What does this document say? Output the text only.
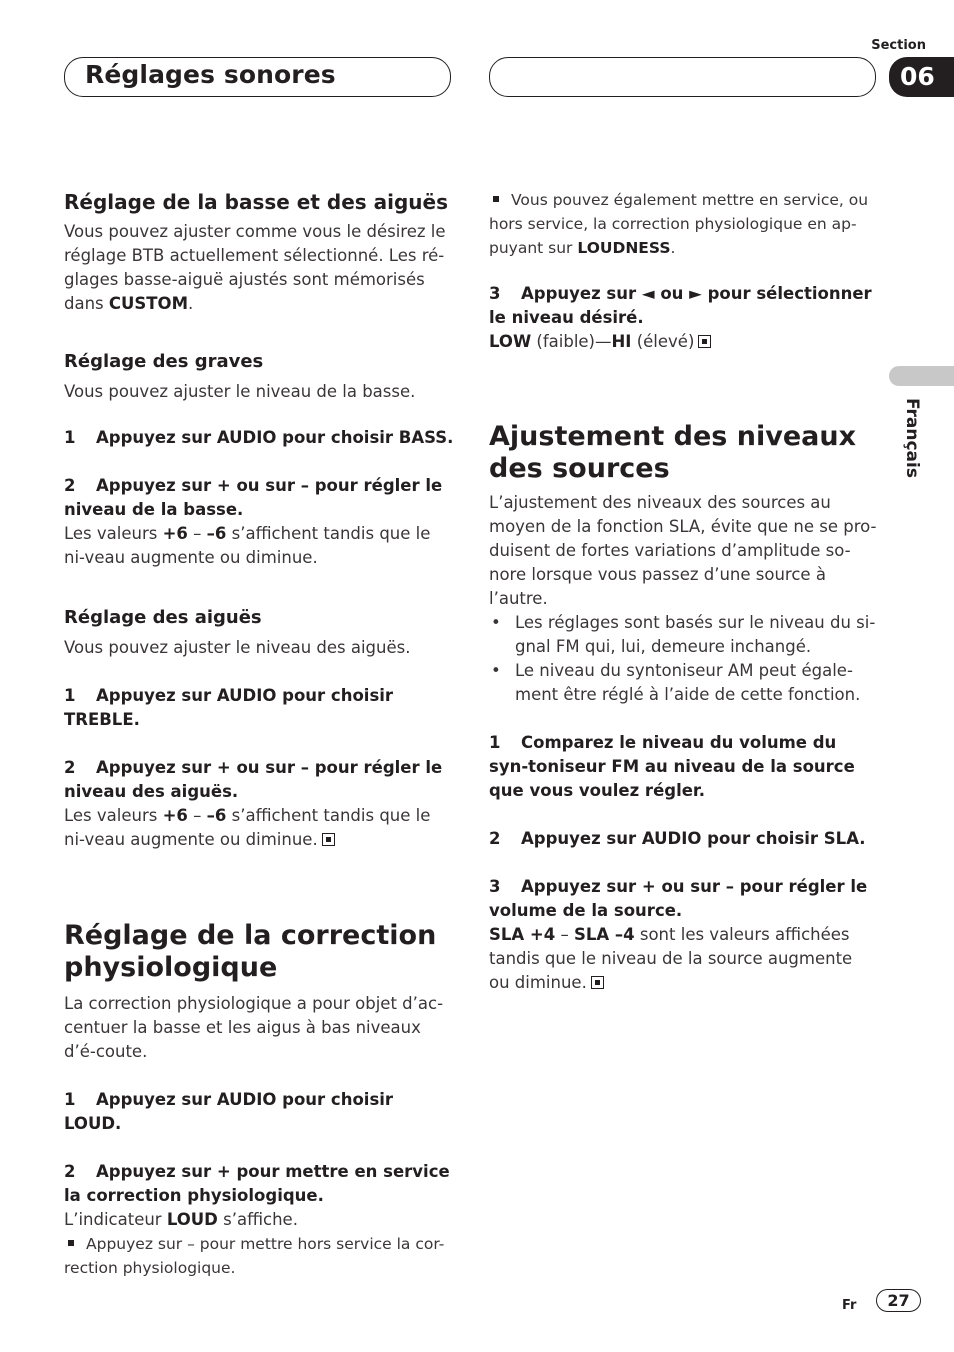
Réglages sonores
Section
06
Français

Réglage de la basse et des aiguës

Vous pouvez ajuster comme vous le désirez le réglage BTB actuellement sélectionné. Les ré-glages basse-aiguë ajustés sont mémorisés dans CUSTOM.

Réglage des graves

Vous pouvez ajuster le niveau de la basse.

1 Appuyez sur AUDIO pour choisir BASS.

2 Appuyez sur + ou sur – pour régler le niveau de la basse.

Les valeurs +6 – –6 s’affichent tandis que le ni-veau augmente ou diminue.

Réglage des aiguës

Vous pouvez ajuster le niveau des aiguës.

1 Appuyez sur AUDIO pour choisir TREBLE.

2 Appuyez sur + ou sur – pour régler le niveau des aiguës.

Les valeurs +6 – –6 s’affichent tandis que le ni-veau augmente ou diminue.

Réglage de la correction physiologique

La correction physiologique a pour objet d’ac-centuer la basse et les aigus à bas niveaux d’é-coute.

1 Appuyez sur AUDIO pour choisir LOUD.

2 Appuyez sur + pour mettre en service la correction physiologique.

L’indicateur LOUD s’affiche.

Appuyez sur – pour mettre hors service la cor-rection physiologique.

Vous pouvez également mettre en service, ou hors service, la correction physiologique en ap-puyant sur LOUDNESS.

3 Appuyez sur ◄ ou ► pour sélectionner le niveau désiré.

LOW (faible)—HI (élevé)

Ajustement des niveaux des sources

L’ajustement des niveaux des sources au moyen de la fonction SLA, évite que ne se pro-duisent de fortes variations d’amplitude so-nore lorsque vous passez d’une source à l’autre.

• Les réglages sont basés sur le niveau du si-gnal FM qui, lui, demeure inchangé.

• Le niveau du syntoniseur AM peut égale-ment être réglé à l’aide de cette fonction.

1 Comparez le niveau du volume du syn-toniseur FM au niveau de la source que vous voulez régler.

2 Appuyez sur AUDIO pour choisir SLA.

3 Appuyez sur + ou sur – pour régler le volume de la source.

SLA +4 – SLA –4 sont les valeurs affichées tandis que le niveau de la source augmente ou diminue.

Fr	27
